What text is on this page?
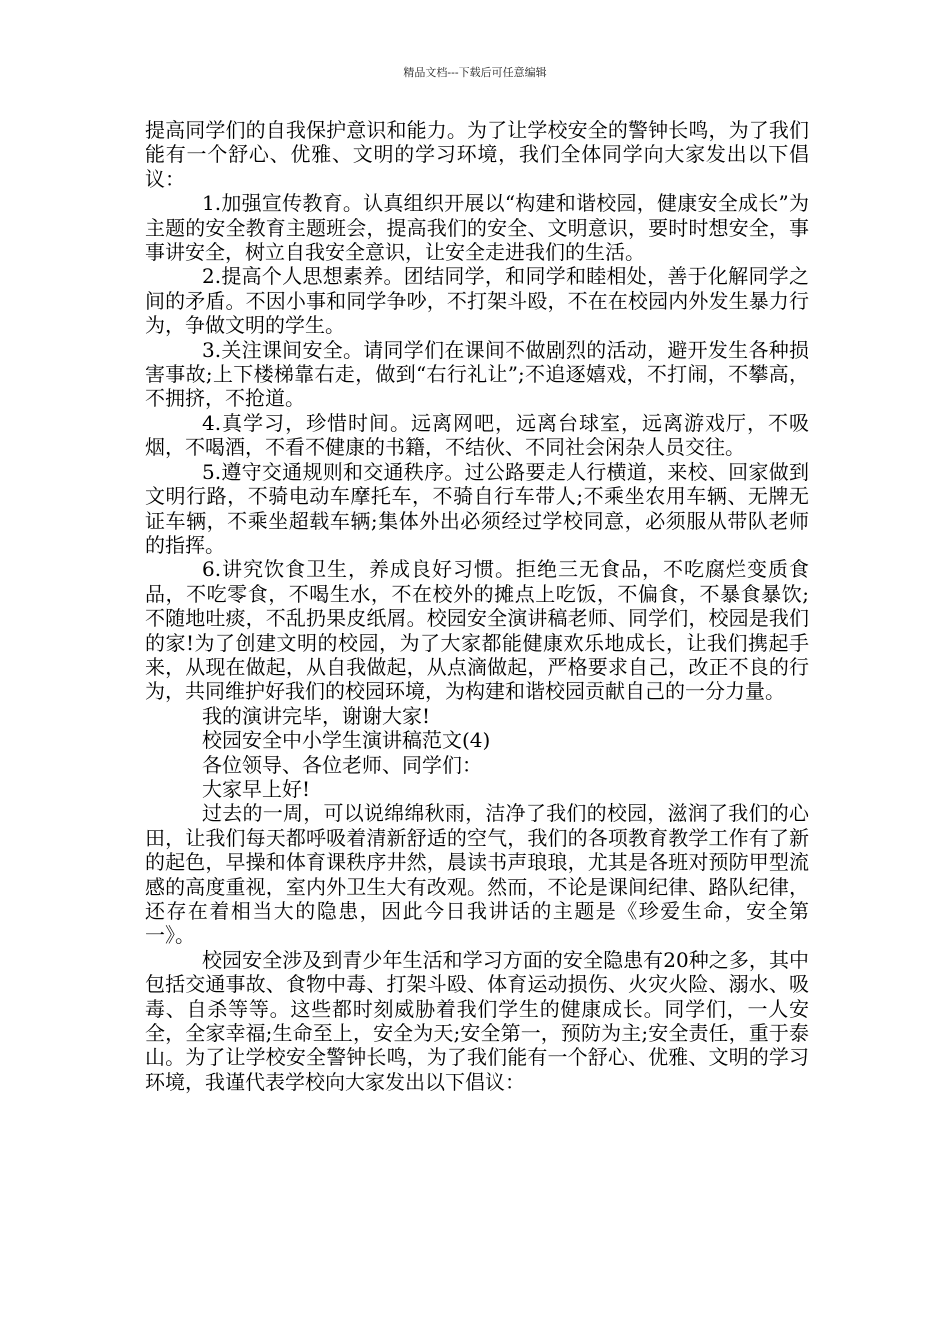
精品文档---下载后可任意编辑

提高同学们的自我保护意识和能力。为了让学校安全的警钟长鸣，为了我们能有一个舒心、优雅、文明的学习环境，我们全体同学向大家发出以下倡议：

1.加强宣传教育。认真组织开展以“构建和谐校园，健康安全成长”为主题的安全教育主题班会，提高我们的安全、文明意识，要时时想安全，事事讲安全，树立自我安全意识，让安全走进我们的生活。

2.提高个人思想素养。团结同学，和同学和睦相处，善于化解同学之间的矛盾。不因小事和同学争吵，不打架斗殴，不在在校园内外发生暴力行为，争做文明的学生。

3.关注课间安全。请同学们在课间不做剧烈的活动，避开发生各种损害事故;上下楼梯靠右走，做到“右行礼让”;不追逐嬉戏，不打闹，不攀高，不拥挤，不抢道。

4.真学习，珍惜时间。远离网吧，远离台球室，远离游戏厅，不吸烟，不喝酒，不看不健康的书籍，不结伙、不同社会闲杂人员交往。

5.遵守交通规则和交通秩序。过公路要走人行横道，来校、回家做到文明行路，不骑电动车摩托车，不骑自行车带人;不乘坐农用车辆、无牌无证车辆，不乘坐超载车辆;集体外出必须经过学校同意，必须服从带队老师的指挥。

6.讲究饮食卫生，养成良好习惯。拒绝三无食品，不吃腐烂变质食品，不吃零食，不喝生水，不在校外的摊点上吃饭，不偏食，不暴食暴饮;不随地吐痰，不乱扔果皮纸屑。校园安全演讲稿老师、同学们，校园是我们的家!为了创建文明的校园，为了大家都能健康欢乐地成长，让我们携起手来，从现在做起，从自我做起，从点滴做起，严格要求自己，改正不良的行为，共同维护好我们的校园环境，为构建和谐校园贡献自己的一分力量。

我的演讲完毕，谢谢大家!

校园安全中小学生演讲稿范文(4)

各位领导、各位老师、同学们：

大家早上好!

过去的一周，可以说绵绵秋雨，洁净了我们的校园，滋润了我们的心田，让我们每天都呼吸着清新舒适的空气，我们的各项教育教学工作有了新的起色，早操和体育课秩序井然，晨读书声琅琅，尤其是各班对预防甲型流感的高度重视，室内外卫生大有改观。然而，不论是课间纪律、路队纪律，还存在着相当大的隐患，因此今日我讲话的主题是《珍爱生命，安全第一》。

校园安全涉及到青少年生活和学习方面的安全隐患有20种之多，其中包括交通事故、食物中毒、打架斗殴、体育运动损伤、火灾火险、溺水、吸毒、自杀等等。这些都时刻威胁着我们学生的健康成长。同学们，一人安全，全家幸福;生命至上，安全为天;安全第一，预防为主;安全责任，重于泰山。为了让学校安全警钟长鸣，为了我们能有一个舒心、优雅、文明的学习环境，我谨代表学校向大家发出以下倡议：
